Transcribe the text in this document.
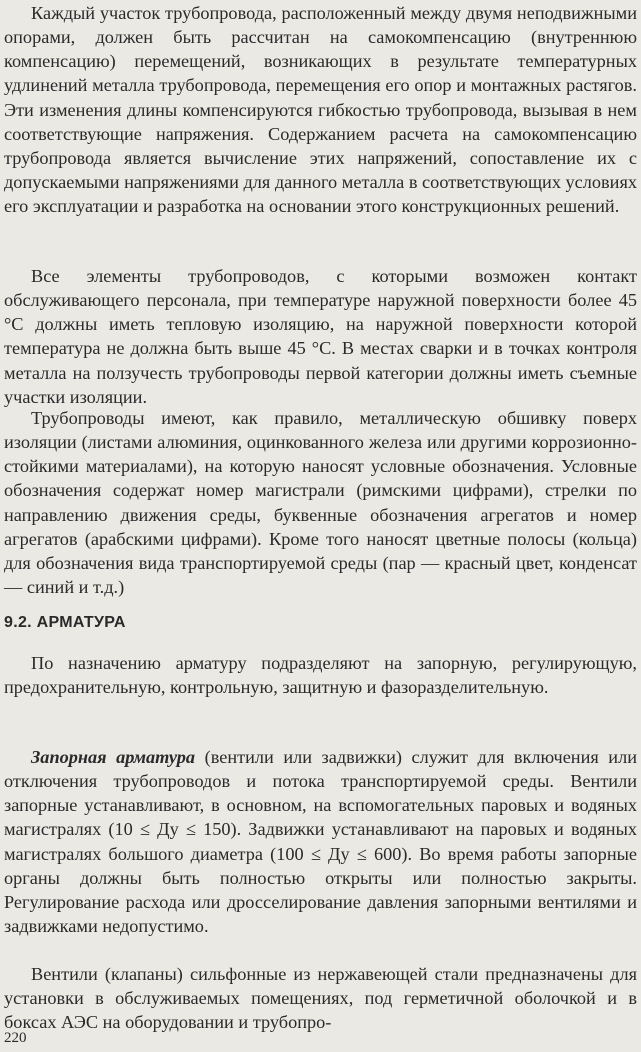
Каждый участок трубопровода, расположенный между двумя неподвижными опорами, должен быть рассчитан на самокомпенсацию (внутреннюю компенсацию) перемещений, возникающих в результате температурных удлинений металла трубопровода, перемещения его опор и монтажных растягов. Эти изменения длины компенсируются гибкостью трубопровода, вызывая в нем соответствующие напряжения. Содержанием расчета на самокомпенсацию трубопровода является вычисление этих напряжений, сопоставление их с допускаемыми напряжениями для данного металла в соответствующих условиях его эксплуатации и разработка на основании этого конструкционных решений.

Все элементы трубопроводов, с которыми возможен контакт обслуживающего персонала, при температуре наружной поверхности более 45 °С должны иметь тепловую изоляцию, на наружной поверхности которой температура не должна быть выше 45 °С. В местах сварки и в точках контроля металла на ползучесть трубопроводы первой категории должны иметь съемные участки изоляции.

Трубопроводы имеют, как правило, металлическую обшивку поверх изоляции (листами алюминия, оцинкованного железа или другими коррозионно-стойкими материалами), на которую наносят условные обозначения. Условные обозначения содержат номер магистрали (римскими цифрами), стрелки по направлению движения среды, буквенные обозначения агрегатов и номер агрегатов (арабскими цифрами). Кроме того наносят цветные полосы (кольца) для обозначения вида транспортируемой среды (пар — красный цвет, конденсат — синий и т.д.)

9.2. АРМАТУРА

По назначению арматуру подразделяют на запорную, регулирующую, предохранительную, контрольную, защитную и фазоразделительную.

Запорная арматура (вентили или задвижки) служит для включения или отключения трубопроводов и потока транспортируемой среды. Вентили запорные устанавливают, в основном, на вспомогательных паровых и водяных магистралях (10 ≤ Ду ≤ 150). Задвижки устанавливают на паровых и водяных магистралях большого диаметра (100 ≤ Ду ≤ 600). Во время работы запорные органы должны быть полностью открыты или полностью закрыты. Регулирование расхода или дросселирование давления запорными вентилями и задвижками недопустимо.

Вентили (клапаны) сильфонные из нержавеющей стали предназначены для установки в обслуживаемых помещениях, под герметичной оболочкой и в боксах АЭС на оборудовании и трубопро-

220
